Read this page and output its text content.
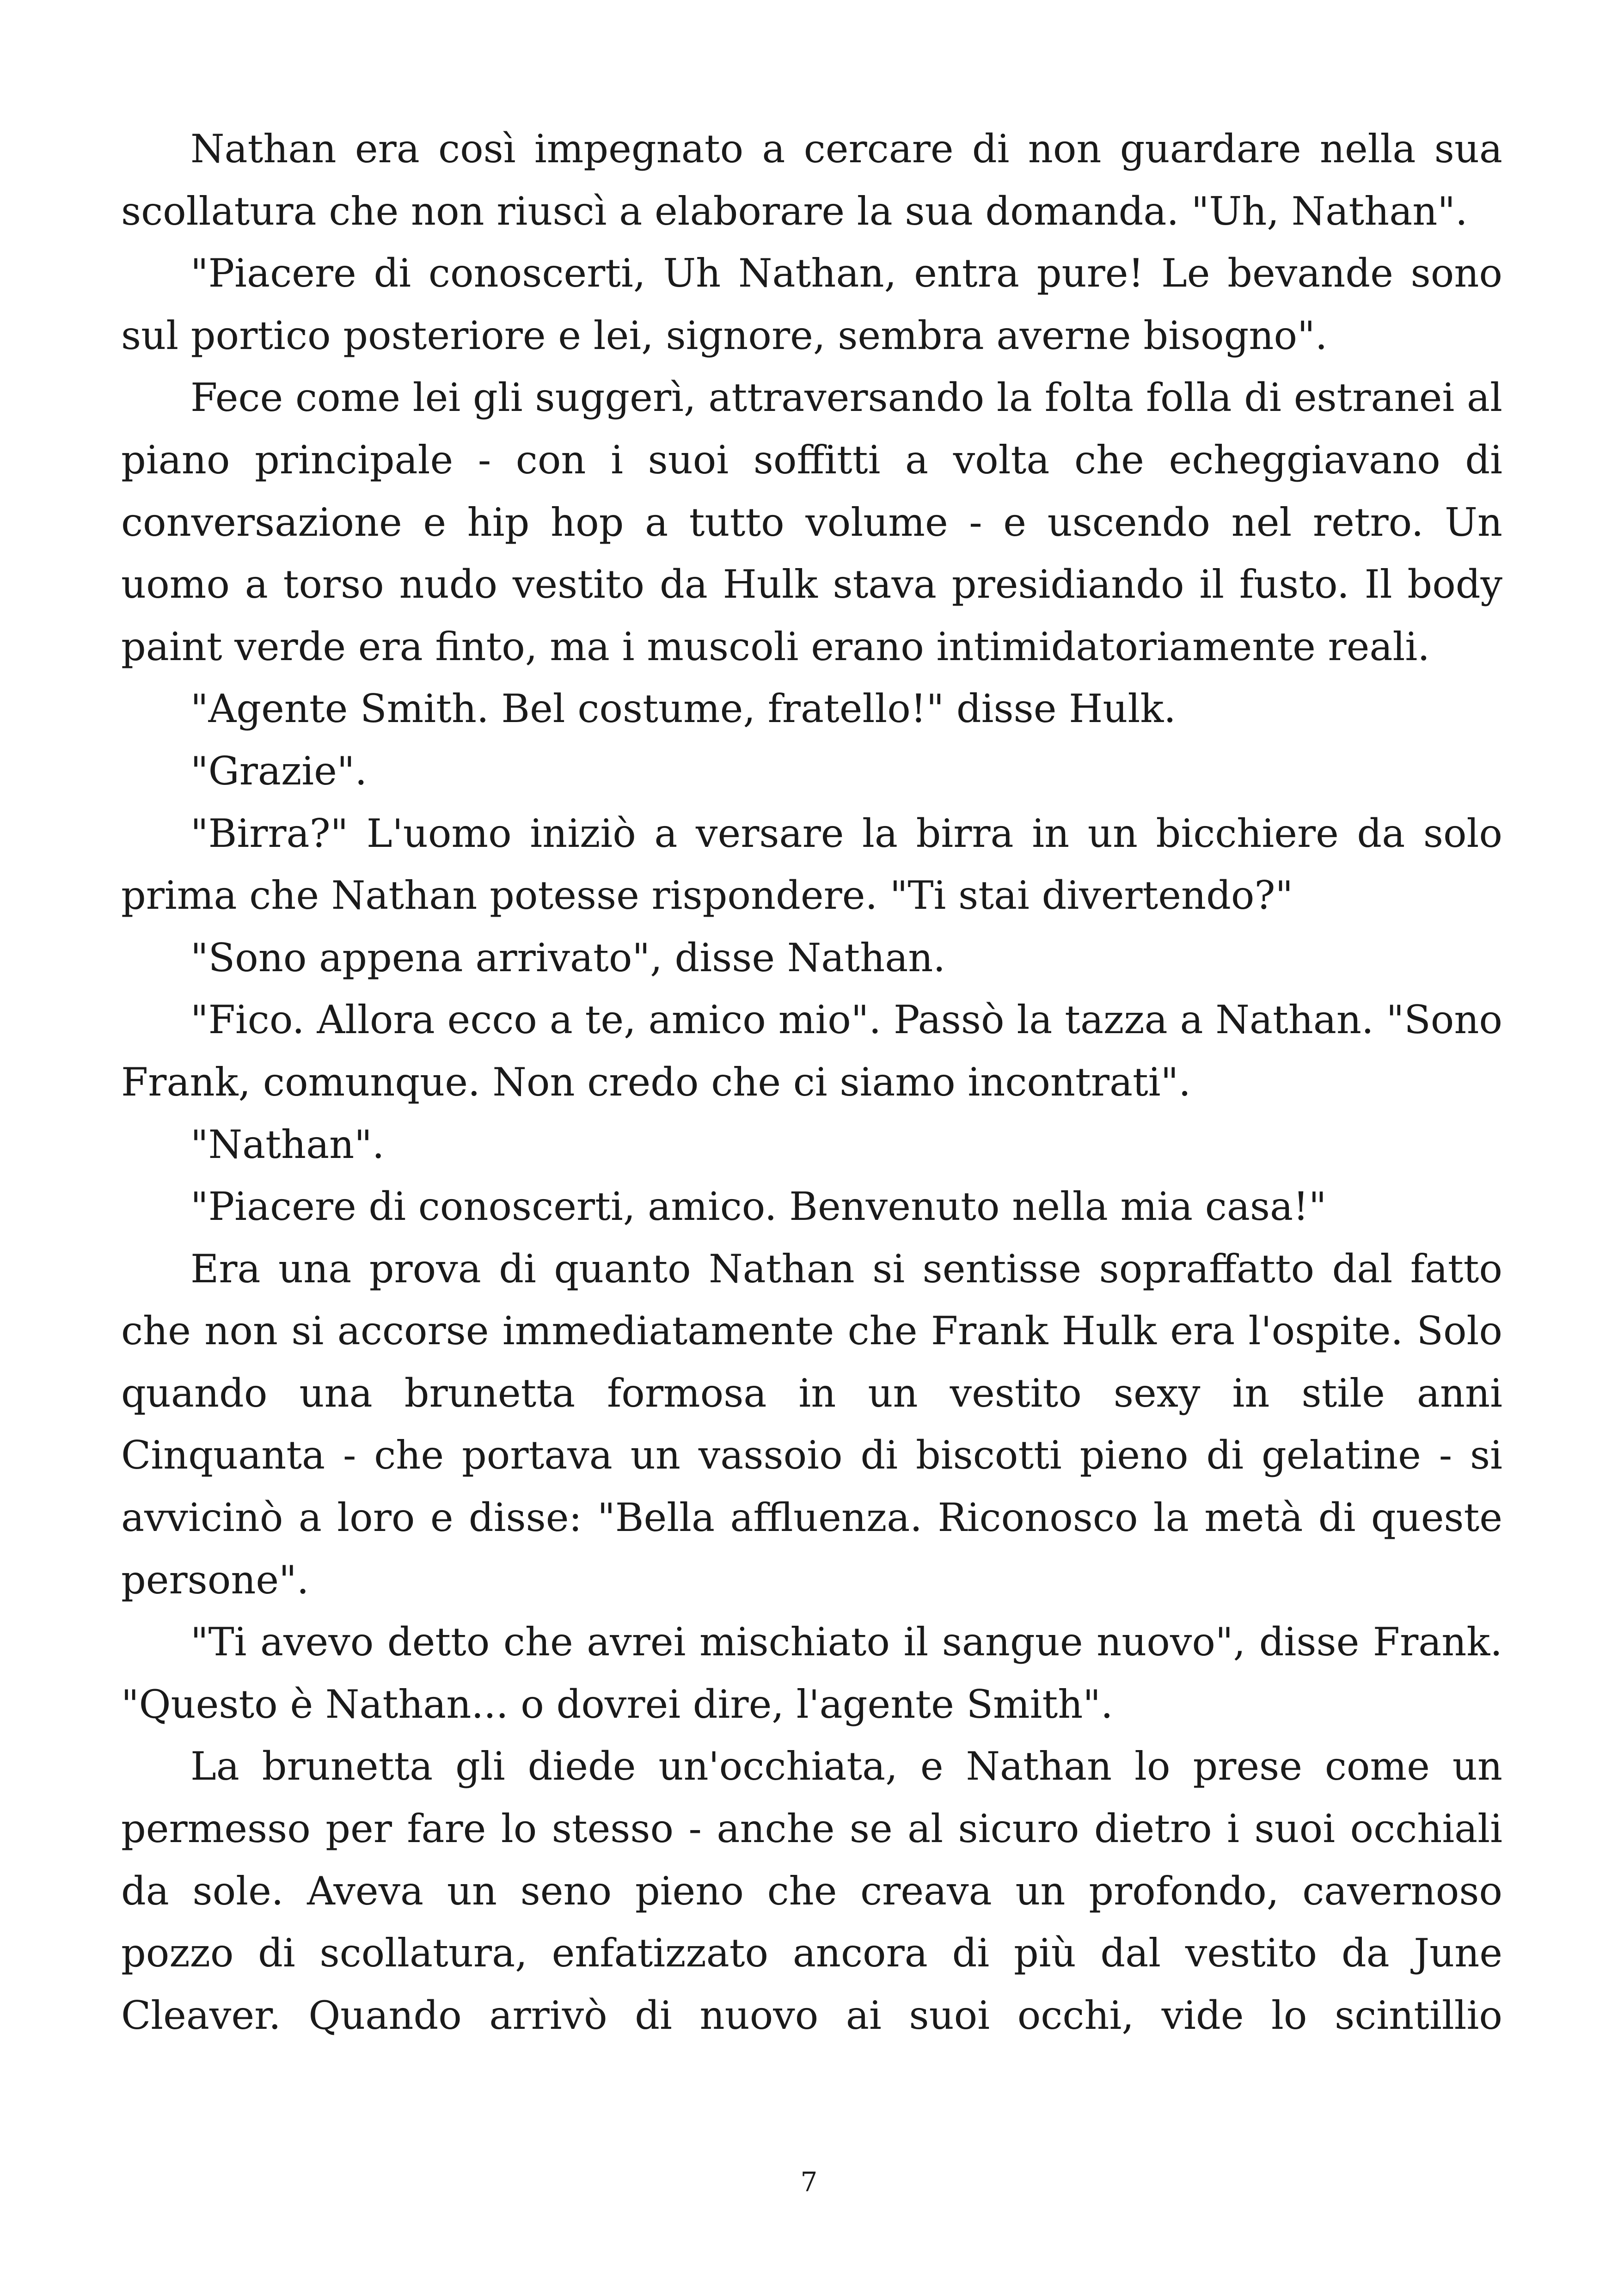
Nathan era così impegnato a cercare di non guardare nella sua scollatura che non riuscì a elaborare la sua domanda. "Uh, Nathan".

"Piacere di conoscerti, Uh Nathan, entra pure! Le bevande sono sul portico posteriore e lei, signore, sembra averne bisogno".

Fece come lei gli suggerì, attraversando la folta folla di estranei al piano principale - con i suoi soffitti a volta che echeggiavano di conversazione e hip hop a tutto volume - e uscendo nel retro. Un uomo a torso nudo vestito da Hulk stava presidiando il fusto. Il body paint verde era finto, ma i muscoli erano intimidatoriamente reali.

"Agente Smith. Bel costume, fratello!" disse Hulk.

"Grazie".

"Birra?" L'uomo iniziò a versare la birra in un bicchiere da solo prima che Nathan potesse rispondere. "Ti stai divertendo?"

"Sono appena arrivato", disse Nathan.

"Fico. Allora ecco a te, amico mio". Passò la tazza a Nathan. "Sono Frank, comunque. Non credo che ci siamo incontrati".

"Nathan".

"Piacere di conoscerti, amico. Benvenuto nella mia casa!"

Era una prova di quanto Nathan si sentisse sopraffatto dal fatto che non si accorse immediatamente che Frank Hulk era l'ospite. Solo quando una brunetta formosa in un vestito sexy in stile anni Cinquanta - che portava un vassoio di biscotti pieno di gelatine - si avvicinò a loro e disse: "Bella affluenza. Riconosco la metà di queste persone".

"Ti avevo detto che avrei mischiato il sangue nuovo", disse Frank. "Questo è Nathan... o dovrei dire, l'agente Smith".

La brunetta gli diede un'occhiata, e Nathan lo prese come un permesso per fare lo stesso - anche se al sicuro dietro i suoi occhiali da sole. Aveva un seno pieno che creava un profondo, cavernoso pozzo di scollatura, enfatizzato ancora di più dal vestito da June Cleaver. Quando arrivò di nuovo ai suoi occhi, vide lo scintillio

7
